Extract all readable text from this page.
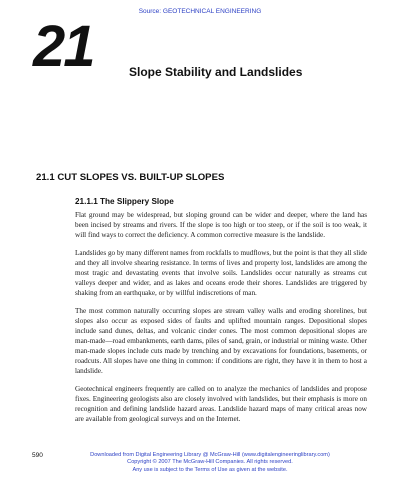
Source: GEOTECHNICAL ENGINEERING
21	Slope Stability and Landslides
21.1 CUT SLOPES VS. BUILT-UP SLOPES
21.1.1 The Slippery Slope

Flat ground may be widespread, but sloping ground can be wider and deeper, where the land has been incised by streams and rivers. If the slope is too high or too steep, or if the soil is too weak, it will find ways to correct the deficiency. A common corrective measure is the landslide.

Landslides go by many different names from rockfalls to mudflows, but the point is that they all slide and they all involve shearing resistance. In terms of lives and property lost, landslides are among the most tragic and devastating events that involve soils. Landslides occur naturally as streams cut valleys deeper and wider, and as lakes and oceans erode their shores. Landslides are triggered by shaking from an earthquake, or by willful indiscretions of man.

The most common naturally occurring slopes are stream valley walls and eroding shorelines, but slopes also occur as exposed sides of faults and uplifted mountain ranges. Depositional slopes include sand dunes, deltas, and volcanic cinder cones. The most common depositional slopes are man-made—road embankments, earth dams, piles of sand, grain, or industrial or mining waste. Other man-made slopes include cuts made by trenching and by excavations for foundations, basements, or roadcuts. All slopes have one thing in common: if conditions are right, they have it in them to host a landslide.

Geotechnical engineers frequently are called on to analyze the mechanics of landslides and propose fixes. Engineering geologists also are closely involved with landslides, but their emphasis is more on recognition and defining landslide hazard areas. Landslide hazard maps of many critical areas now are available from geological surveys and on the Internet.

590	Downloaded from Digital Engineering Library @ McGraw-Hill (www.digitalengineeringlibrary.com)
Copyright © 2007 The McGraw-Hill Companies. All rights reserved.
Any use is subject to the Terms of Use as given at the website.
